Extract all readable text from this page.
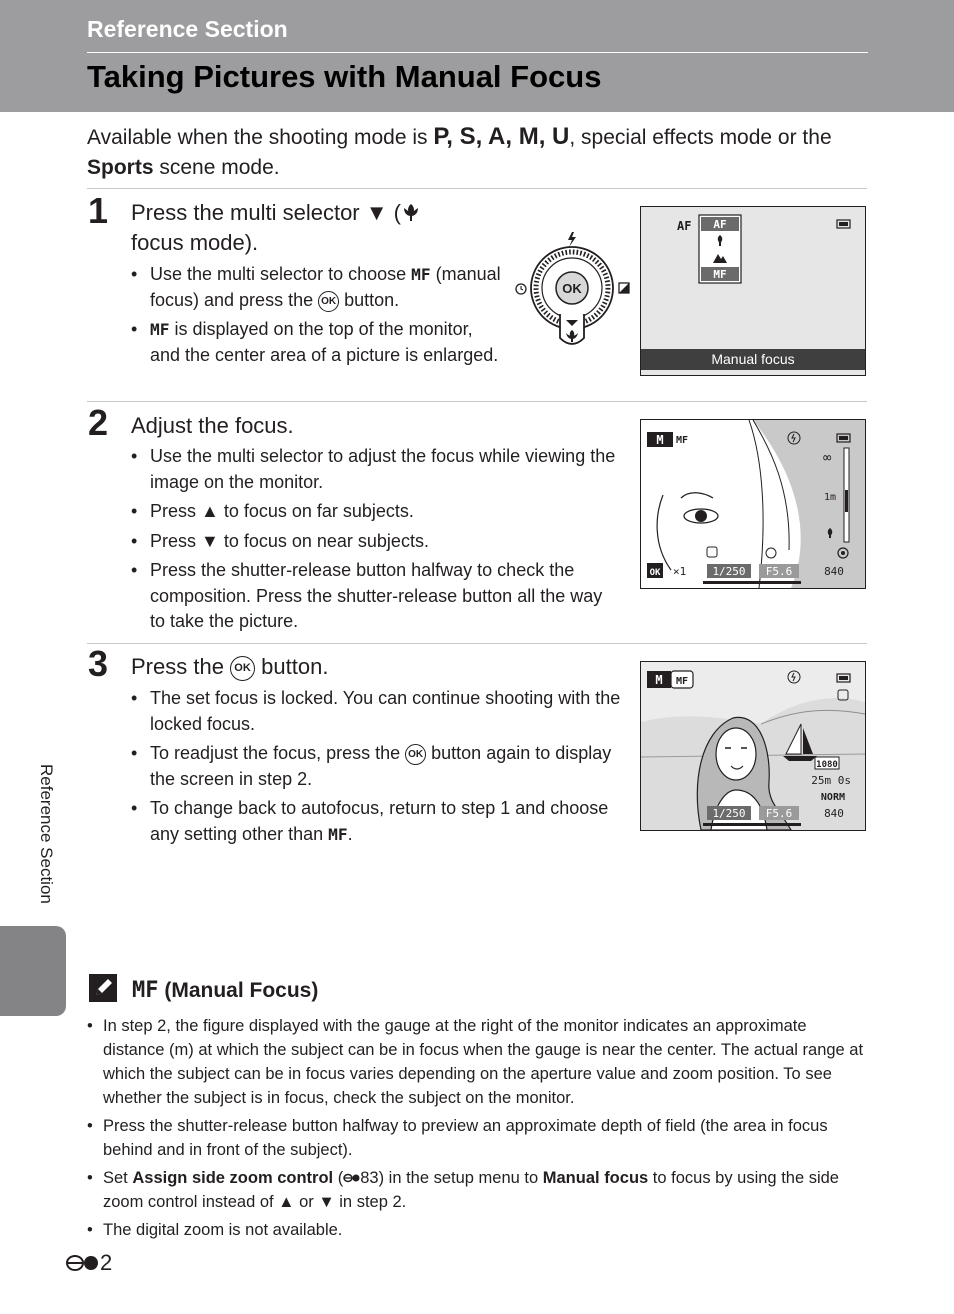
Reference Section
Taking Pictures with Manual Focus
Available when the shooting mode is P, S, A, M, U, special effects mode or the Sports scene mode.
1 Press the multi selector ▼ (
focus mode).
• Use the multi selector to choose MF (manual focus) and press the OK button.
• MF is displayed on the top of the monitor, and the center area of a picture is enlarged.
OK
AF AF
MF
Manual focus
2 Adjust the focus.
• Use the multi selector to adjust the focus while viewing the image on the monitor.
• Press ▲ to focus on far subjects.
• Press ▼ to focus on near subjects.
• Press the shutter-release button halfway to check the composition. Press the shutter-release button all the way to take the picture.
M MF
∞
1m
OK ×1 1/250 F5.6	840
3 Press the OK button.
• The set focus is locked. You can continue shooting with the locked focus.
• To readjust the focus, press the OK button again to display the screen in step 2.
• To change back to autofocus, return to step 1 and choose any setting other than MF.
M MF
1080
25m 0s
NORM
1/250 F5.6	840
Reference Section
MF (Manual Focus)
• In step 2, the figure displayed with the gauge at the right of the monitor indicates an approximate distance (m) at which the subject can be in focus when the gauge is near the center. The actual range at which the subject can be in focus varies depending on the aperture value and zoom position. To see whether the subject is in focus, check the subject on the monitor.
• Press the shutter-release button halfway to preview an approximate depth of field (the area in focus behind and in front of the subject).
• Set Assign side zoom control ( 83) in the setup menu to Manual focus to focus by using the side zoom control instead of ▲ or ▼ in step 2.
• The digital zoom is not available.
2
